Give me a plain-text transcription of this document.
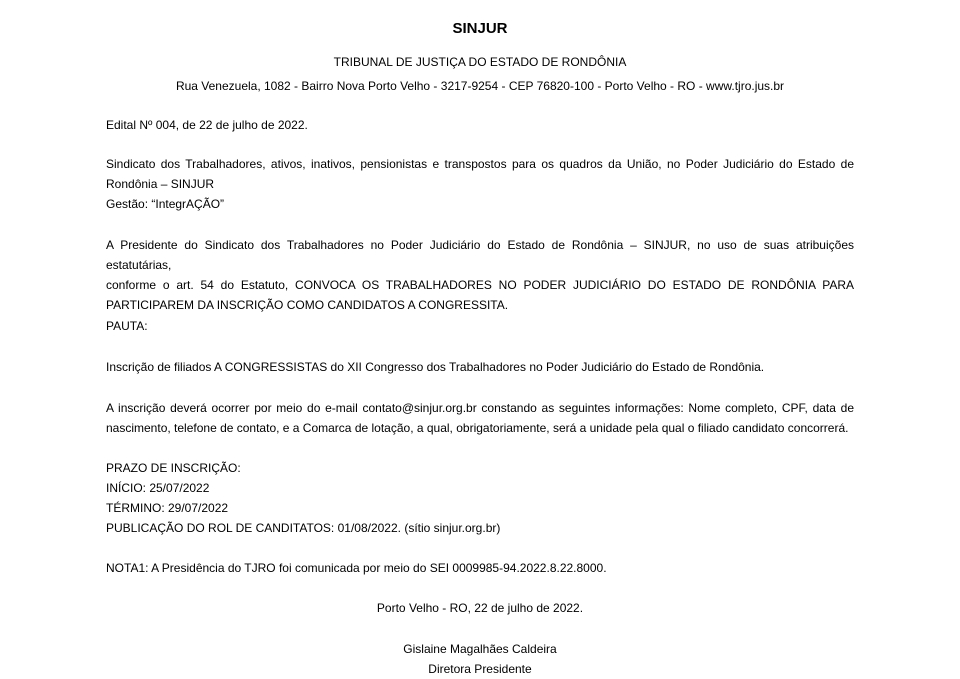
SINJUR
TRIBUNAL DE JUSTIÇA DO ESTADO DE RONDÔNIA
Rua Venezuela, 1082 - Bairro Nova Porto Velho - 3217-9254 - CEP 76820-100 - Porto Velho - RO - www.tjro.jus.br

Edital Nº 004, de 22 de julho de 2022.

Sindicato dos Trabalhadores, ativos, inativos, pensionistas e transpostos para os quadros da União, no Poder Judiciário do Estado de
Rondônia – SINJUR
Gestão: “IntegrAÇÃO”
A Presidente do Sindicato dos Trabalhadores no Poder Judiciário do Estado de Rondônia – SINJUR, no uso de suas atribuições estatutárias,
conforme o art. 54 do Estatuto, CONVOCA OS TRABALHADORES NO PODER JUDICIÁRIO DO ESTADO DE RONDÔNIA PARA
PARTICIPAREM DA INSCRIÇÃO COMO CANDIDATOS A CONGRESSITA.

PAUTA:

Inscrição de filiados A CONGRESSISTAS do XII Congresso dos Trabalhadores no Poder Judiciário do Estado de Rondônia.

A inscrição deverá ocorrer por meio do e-mail contato@sinjur.org.br constando as seguintes informações: Nome completo, CPF, data de
nascimento, telefone de contato, e a Comarca de lotação, a qual, obrigatoriamente, será a unidade pela qual o filiado candidato concorrerá.
PRAZO DE INSCRIÇÃO:
INÍCIO: 25/07/2022
TÉRMINO: 29/07/2022
PUBLICAÇÃO DO ROL DE CANDITATOS: 01/08/2022. (sítio sinjur.org.br)

NOTA1: A Presidência do TJRO foi comunicada por meio do SEI 0009985-94.2022.8.22.8000.

Porto Velho - RO, 22 de julho de 2022.
Gislaine Magalhães Caldeira
Diretora Presidente
